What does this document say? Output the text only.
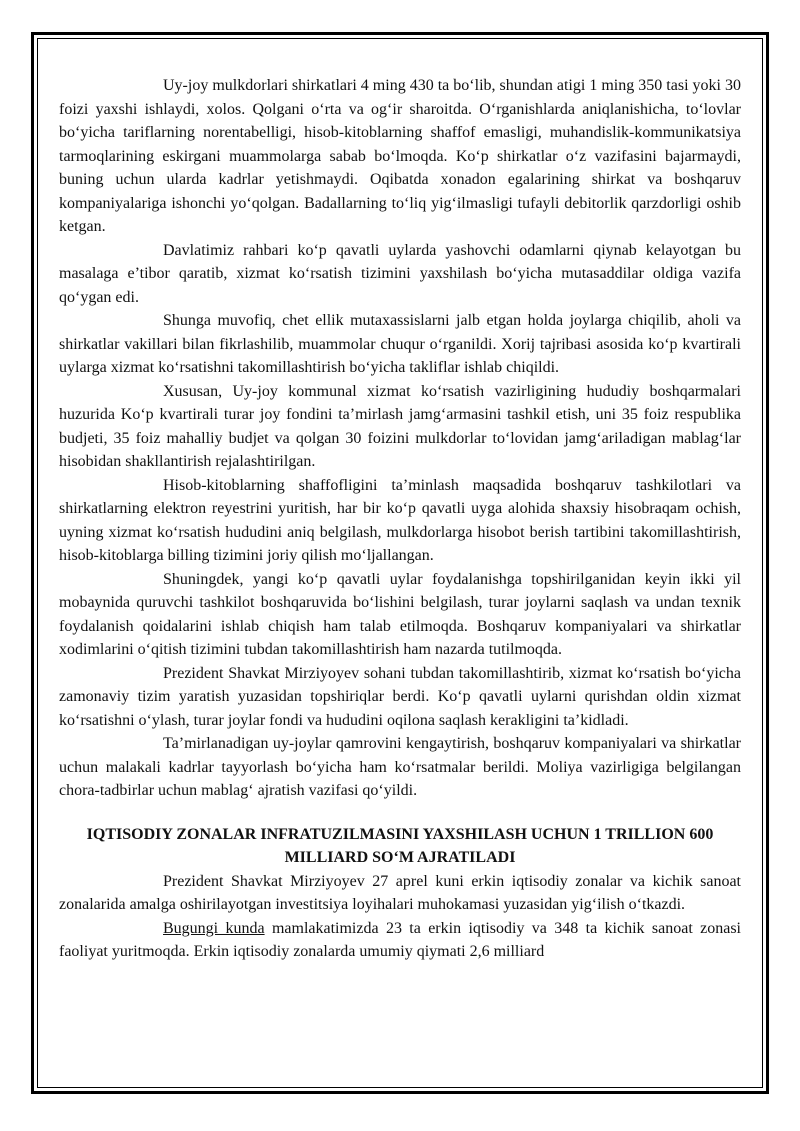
Uy-joy mulkdorlari shirkatlari 4 ming 430 ta bo‘lib, shundan atigi 1 ming 350 tasi yoki 30 foizi yaxshi ishlaydi, xolos. Qolgani o‘rta va og‘ir sharoitda. O‘rganishlarda aniqlanishicha, to‘lovlar bo‘yicha tariflarning norentabelligi, hisob-kitoblarning shaffof emasligi, muhandislik-kommunikatsiya tarmoqlarining eskirgani muammolarga sabab bo‘lmoqda. Ko‘p shirkatlar o‘z vazifasini bajarmaydi, buning uchun ularda kadrlar yetishmaydi. Oqibatda xonadon egalarining shirkat va boshqaruv kompaniyalariga ishonchi yo‘qolgan. Badallarning to‘liq yig‘ilmasligi tufayli debitorlik qarzdorligi oshib ketgan.

Davlatimiz rahbari ko‘p qavatli uylarda yashovchi odamlarni qiynab kelayotgan bu masalaga e’tibor qaratib, xizmat ko‘rsatish tizimini yaxshilash bo‘yicha mutasaddilar oldiga vazifa qo‘ygan edi.

Shunga muvofiq, chet ellik mutaxassislarni jalb etgan holda joylarga chiqilib, aholi va shirkatlar vakillari bilan fikrlashilib, muammolar chuqur o‘rganildi. Xorij tajribasi asosida ko‘p kvartirali uylarga xizmat ko‘rsatishni takomillashtirish bo‘yicha takliflar ishlab chiqildi.

Xususan, Uy-joy kommunal xizmat ko‘rsatish vazirligining hududiy boshqarmalari huzurida Ko‘p kvartirali turar joy fondini ta’mirlash jamg‘armasini tashkil etish, uni 35 foiz respublika budjeti, 35 foiz mahalliy budjet va qolgan 30 foizini mulkdorlar to‘lovidan jamg‘ariladigan mablag‘lar hisobidan shakllantirish rejalashtirilgan.

Hisob-kitoblarning shaffofligini ta’minlash maqsadida boshqaruv tashkilotlari va shirkatlarning elektron reyestrini yuritish, har bir ko‘p qavatli uyga alohida shaxsiy hisobraqam ochish, uyning xizmat ko‘rsatish hududini aniq belgilash, mulkdorlarga hisobot berish tartibini takomillashtirish, hisob-kitoblarga billing tizimini joriy qilish mo‘ljallangan.

Shuningdek, yangi ko‘p qavatli uylar foydalanishga topshirilganidan keyin ikki yil mobaynida quruvchi tashkilot boshqaruvida bo‘lishini belgilash, turar joylarni saqlash va undan texnik foydalanish qoidalarini ishlab chiqish ham talab etilmoqda. Boshqaruv kompaniyalari va shirkatlar xodimlarini o‘qitish tizimini tubdan takomillashtirish ham nazarda tutilmoqda.

Prezident Shavkat Mirziyoyev sohani tubdan takomillashtirib, xizmat ko‘rsatish bo‘yicha zamonaviy tizim yaratish yuzasidan topshiriqlar berdi. Ko‘p qavatli uylarni qurishdan oldin xizmat ko‘rsatishni o‘ylash, turar joylar fondi va hududini oqilona saqlash kerakligini ta’kidladi.

Ta’mirlanadigan uy-joylar qamrovini kengaytirish, boshqaruv kompaniyalari va shirkatlar uchun malakali kadrlar tayyorlash bo‘yicha ham ko‘rsatmalar berildi. Moliya vazirligiga belgilangan chora-tadbirlar uchun mablag‘ ajratish vazifasi qo‘yildi.

IQTISODIY ZONALAR INFRATUZILMASINI YAXSHILASH UCHUN 1 TRILLION 600 MILLIARD SO‘M AJRATILADI

Prezident Shavkat Mirziyoyev 27 aprel kuni erkin iqtisodiy zonalar va kichik sanoat zonalarida amalga oshirilayotgan investitsiya loyihalari muhokamasi yuzasidan yig‘ilish o‘tkazdi.

Bugungi kunda mamlakatimizda 23 ta erkin iqtisodiy va 348 ta kichik sanoat zonasi faoliyat yuritmoqda. Erkin iqtisodiy zonalarda umumiy qiymati 2,6 milliard
